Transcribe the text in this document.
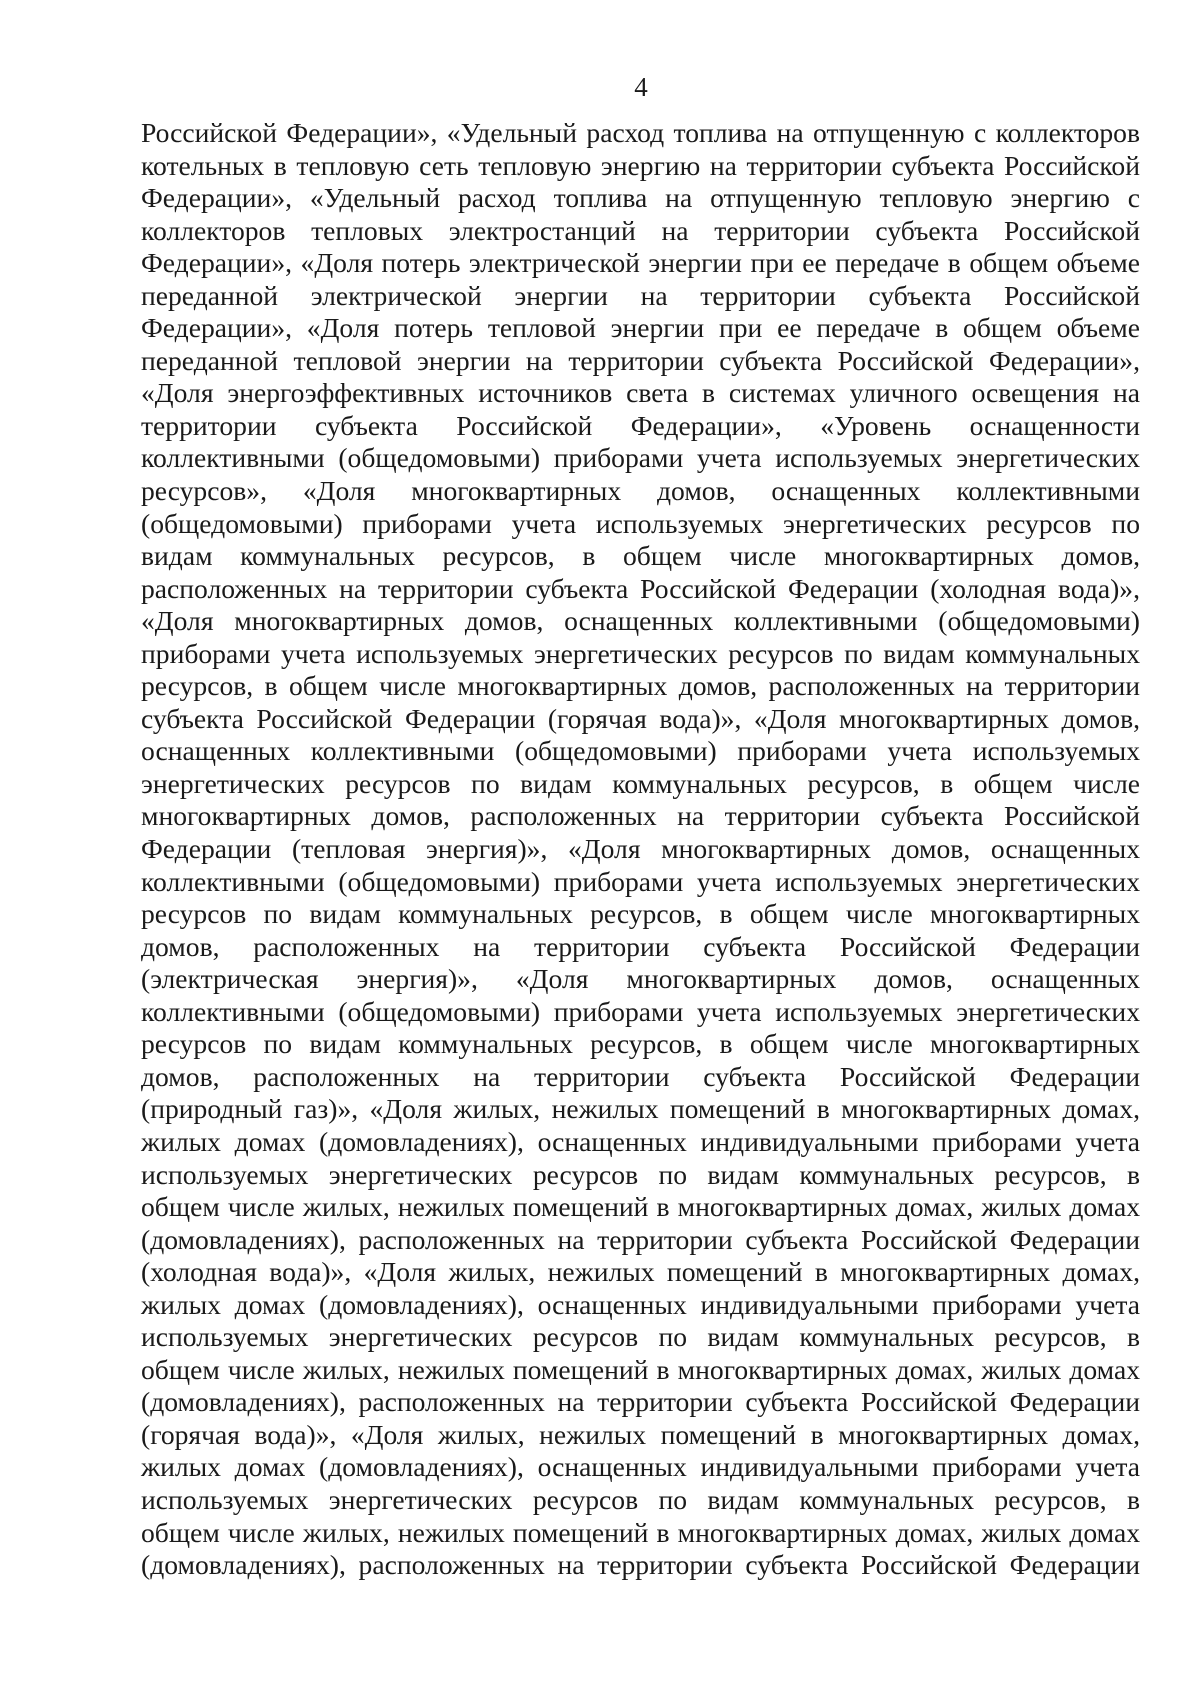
4
Российской Федерации», «Удельный расход топлива на отпущенную с коллекторов
котельных в тепловую сеть тепловую энергию на территории субъекта Российской
Федерации», «Удельный расход топлива на отпущенную тепловую энергию с
коллекторов тепловых электростанций на территории субъекта Российской
Федерации», «Доля потерь электрической энергии при ее передаче в общем объеме
переданной электрической энергии на территории субъекта Российской
Федерации», «Доля потерь тепловой энергии при ее передаче в общем объеме
переданной тепловой энергии на территории субъекта Российской Федерации»,
«Доля энергоэффективных источников света в системах уличного освещения на
территории субъекта Российской Федерации», «Уровень оснащенности
коллективными (общедомовыми) приборами учета используемых энергетических
ресурсов», «Доля многоквартирных домов, оснащенных коллективными
(общедомовыми) приборами учета используемых энергетических ресурсов по
видам коммунальных ресурсов, в общем числе многоквартирных домов,
расположенных на территории субъекта Российской Федерации (холодная вода)»,
«Доля многоквартирных домов, оснащенных коллективными (общедомовыми)
приборами учета используемых энергетических ресурсов по видам коммунальных
ресурсов, в общем числе многоквартирных домов, расположенных на территории
субъекта Российской Федерации (горячая вода)», «Доля многоквартирных домов,
оснащенных коллективными (общедомовыми) приборами учета используемых
энергетических ресурсов по видам коммунальных ресурсов, в общем числе
многоквартирных домов, расположенных на территории субъекта Российской
Федерации (тепловая энергия)», «Доля многоквартирных домов, оснащенных
коллективными (общедомовыми) приборами учета используемых энергетических
ресурсов по видам коммунальных ресурсов, в общем числе многоквартирных
домов, расположенных на территории субъекта Российской Федерации
(электрическая энергия)», «Доля многоквартирных домов, оснащенных
коллективными (общедомовыми) приборами учета используемых энергетических
ресурсов по видам коммунальных ресурсов, в общем числе многоквартирных
домов, расположенных на территории субъекта Российской Федерации
(природный газ)», «Доля жилых, нежилых помещений в многоквартирных домах,
жилых домах (домовладениях), оснащенных индивидуальными приборами учета
используемых энергетических ресурсов по видам коммунальных ресурсов, в
общем числе жилых, нежилых помещений в многоквартирных домах, жилых домах
(домовладениях), расположенных на территории субъекта Российской Федерации
(холодная вода)», «Доля жилых, нежилых помещений в многоквартирных домах,
жилых домах (домовладениях), оснащенных индивидуальными приборами учета
используемых энергетических ресурсов по видам коммунальных ресурсов, в
общем числе жилых, нежилых помещений в многоквартирных домах, жилых домах
(домовладениях), расположенных на территории субъекта Российской Федерации
(горячая вода)», «Доля жилых, нежилых помещений в многоквартирных домах,
жилых домах (домовладениях), оснащенных индивидуальными приборами учета
используемых энергетических ресурсов по видам коммунальных ресурсов, в
общем числе жилых, нежилых помещений в многоквартирных домах, жилых домах
(домовладениях), расположенных на территории субъекта Российской Федерации
